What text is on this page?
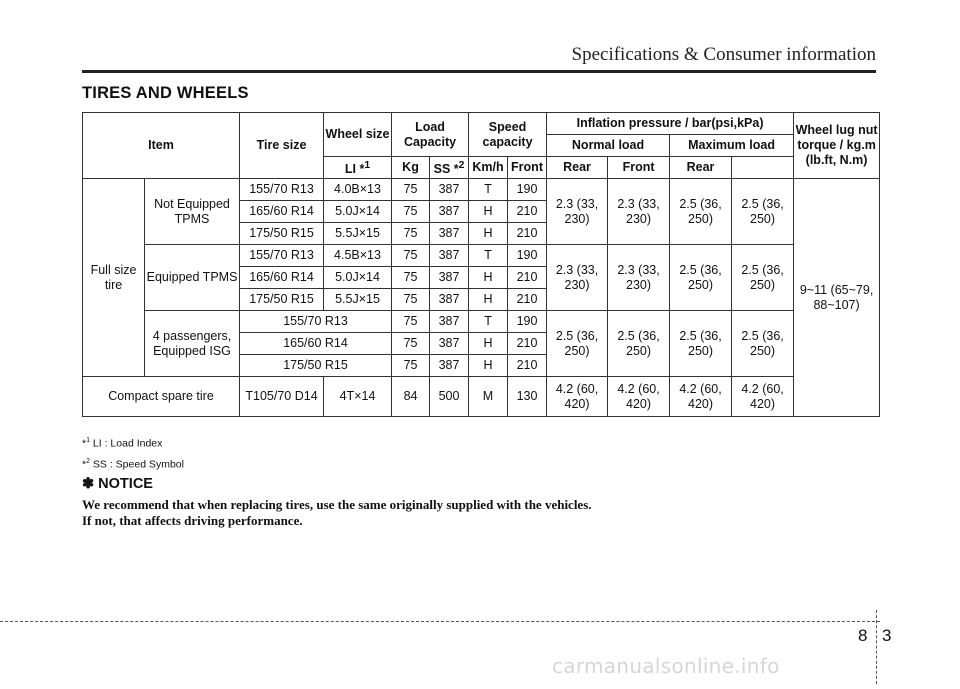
Specifications & Consumer information
TIRES AND WHEELS
Item		Tire size	Wheel size	Load Capacity		Speed capacity		Inflation pressure / bar(psi,kPa)				Wheel lug nut torque / kg.m (lb.ft, N.m)
								Normal load		Maximum load		
			LI *$^1$	Kg	SS *$^2$	Km/h	Front	Rear	Front	Rear		
Full size tire	Not Equipped TPMS	155/70 R13	4.0B×13	75	387	T	190	2.3 (33, 230)	2.3 (33, 230)	2.5 (36, 250)	2.5 (36, 250)	9~11 (65~79, 88~107)
		165/60 R14	5.0J×14	75	387	H	210					
		175/50 R15	5.5J×15	75	387	H	210					
	Equipped TPMS	155/70 R13	4.5B×13	75	387	T	190	2.3 (33, 230)	2.3 (33, 230)	2.5 (36, 250)	2.5 (36, 250)	
		165/60 R14	5.0J×14	75	387	H	210					
		175/50 R15	5.5J×15	75	387	H	210					
	4 passengers, Equipped ISG	155/70 R13		75	387	T	190	2.5 (36, 250)	2.5 (36, 250)	2.5 (36, 250)	2.5 (36, 250)	
		165/60 R14		75	387	H	210					
		175/50 R15		75	387	H	210					
Compact spare tire		T105/70 D14	4T×14	84	500	M	130	4.2 (60, 420)	4.2 (60, 420)	4.2 (60, 420)	4.2 (60, 420)	
*$^1$ LI : Load Index
*$^2$ SS : Speed Symbol
✽ NOTICE
We recommend that when replacing tires, use the same originally supplied with the vehicles.
If not, that affects driving performance.
8 3
carmanualsonline.info
